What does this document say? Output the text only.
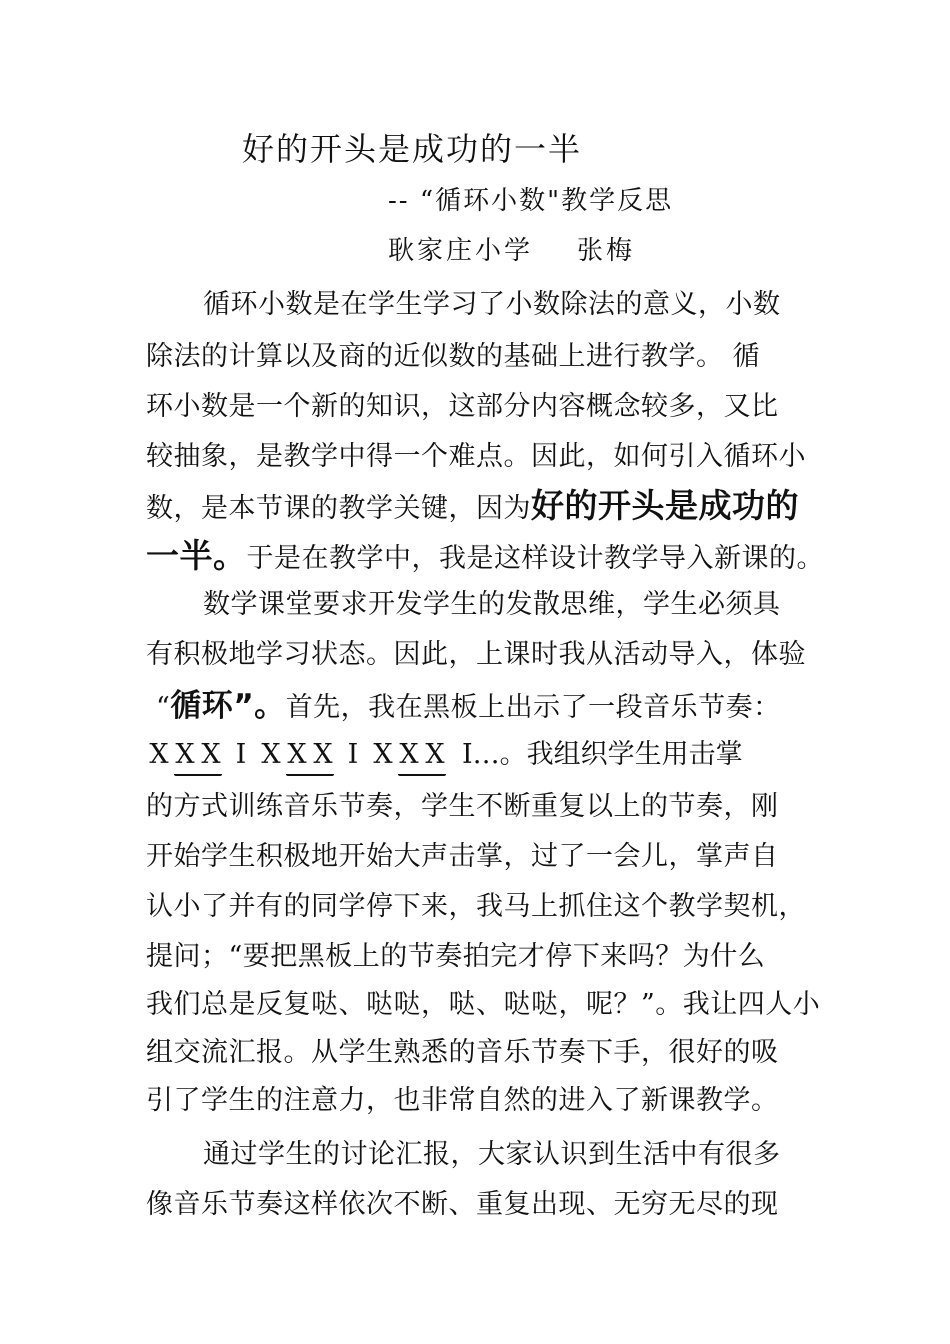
好的开头是成功的一半
-- “循环小数"教学反思
耿家庄小学 张梅
循环小数是在学生学习了小数除法的意义，小数
除法的计算以及商的近似数的基础上进行教学。 循
环小数是一个新的知识，这部分内容概念较多，又比
较抽象，是教学中得一个难点。因此，如何引入循环小
数，是本节课的教学关键，因为好的开头是成功的
一半。于是在教学中，我是这样设计教学导入新课的。
数学课堂要求开发学生的发散思维，学生必须具
有积极地学习状态。因此，上课时我从活动导入，体验
“循环”。首先，我在黑板上出示了一段音乐节奏：
X X X I X X X I X X X I…。我组织学生用击掌
的方式训练音乐节奏，学生不断重复以上的节奏，刚
开始学生积极地开始大声击掌，过了一会儿，掌声自
认小了并有的同学停下来，我马上抓住这个教学契机，
提问；“要把黑板上的节奏拍完才停下来吗？为什么
我们总是反复哒、哒哒，哒、哒哒，呢？”。我让四人小
组交流汇报。从学生熟悉的音乐节奏下手，很好的吸
引了学生的注意力，也非常自然的进入了新课教学。
通过学生的讨论汇报，大家认识到生活中有很多
像音乐节奏这样依次不断、重复出现、无穷无尽的现
